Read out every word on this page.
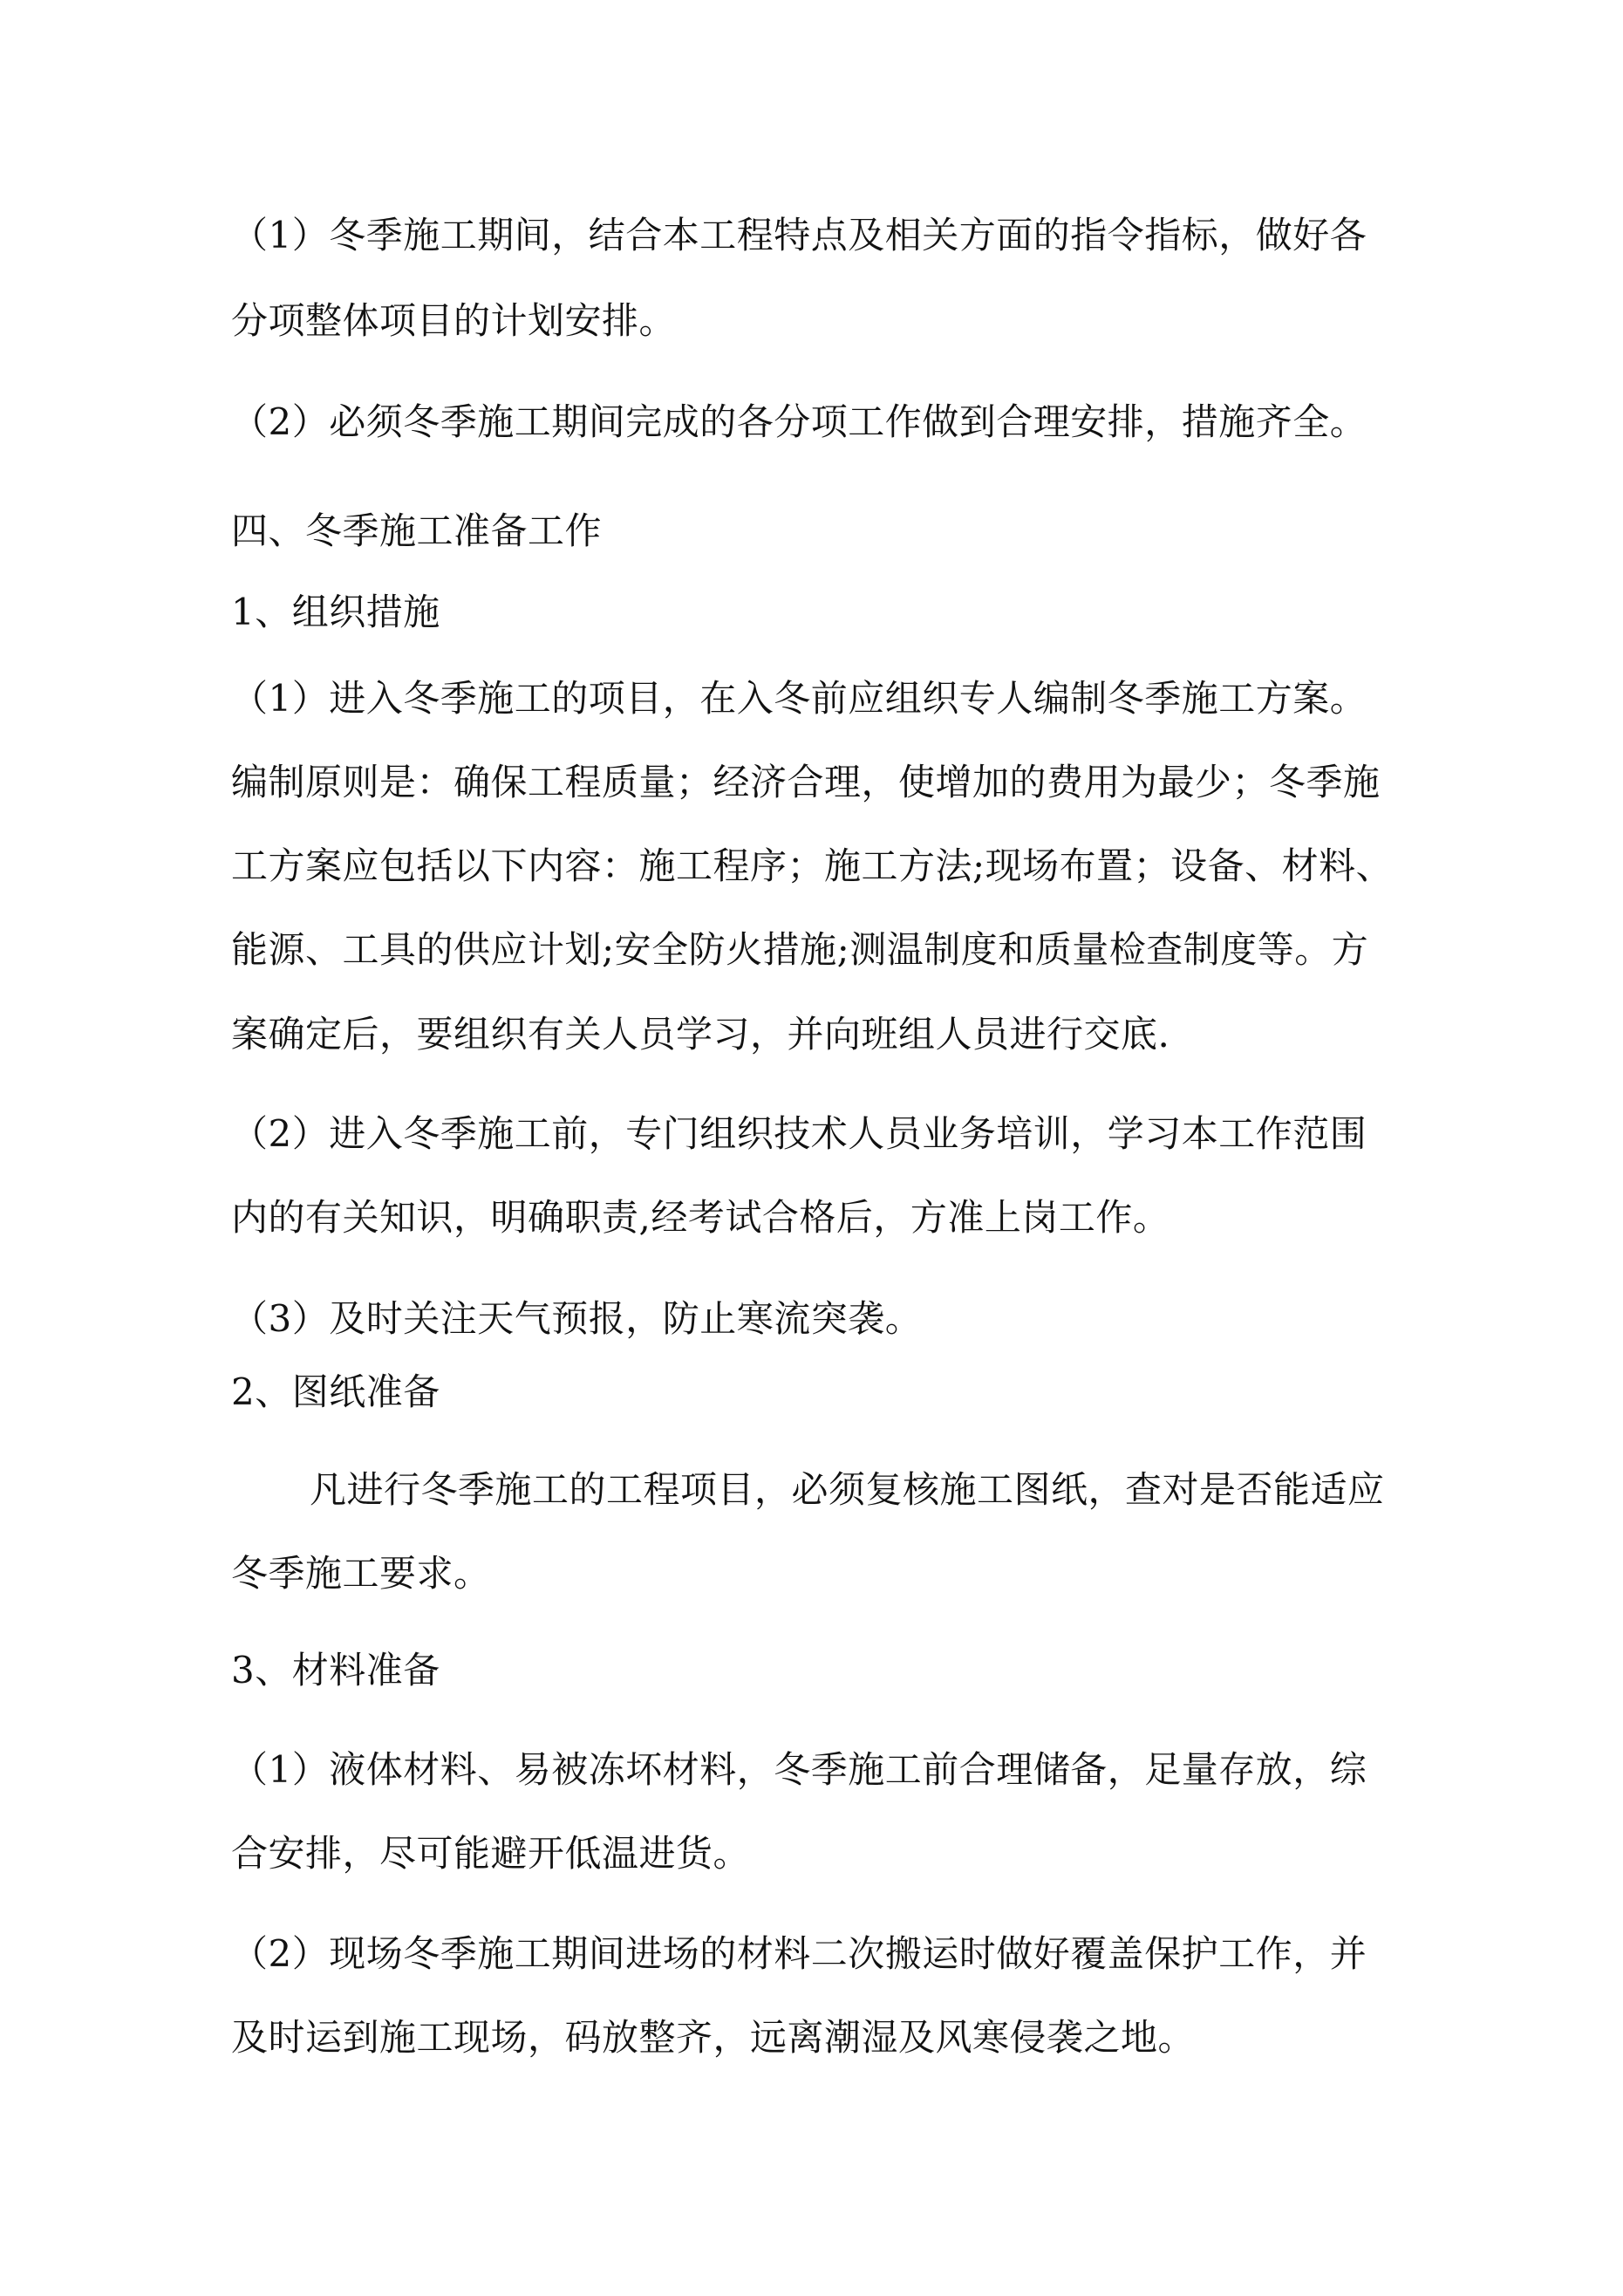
（1）冬季施工期间，结合本工程特点及相关方面的指令指标，做好各

分项整体项目的计划安排。

（2）必须冬季施工期间完成的各分项工作做到合理安排，措施齐全。

四、冬季施工准备工作

1、组织措施

（1）进入冬季施工的项目，在入冬前应组织专人编制冬季施工方案。

编制原则是：确保工程质量；经济合理，使增加的费用为最少；冬季施

工方案应包括以下内容：施工程序；施工方法;现场布置；设备、材料、

能源、工具的供应计划;安全防火措施;测温制度和质量检查制度等。方

案确定后，要组织有关人员学习，并向班组人员进行交底.

（2）进入冬季施工前，专门组织技术人员业务培训，学习本工作范围

内的有关知识，明确职责,经考试合格后，方准上岗工作。

（3）及时关注天气预报，防止寒流突袭。

2、图纸准备

凡进行冬季施工的工程项目，必须复核施工图纸，查对是否能适应

冬季施工要求。

3、材料准备

（1）液体材料、易被冻坏材料，冬季施工前合理储备，足量存放，综

合安排，尽可能避开低温进货。

（2）现场冬季施工期间进场的材料二次搬运时做好覆盖保护工作，并

及时运到施工现场，码放整齐，远离潮湿及风寒侵袭之地。
